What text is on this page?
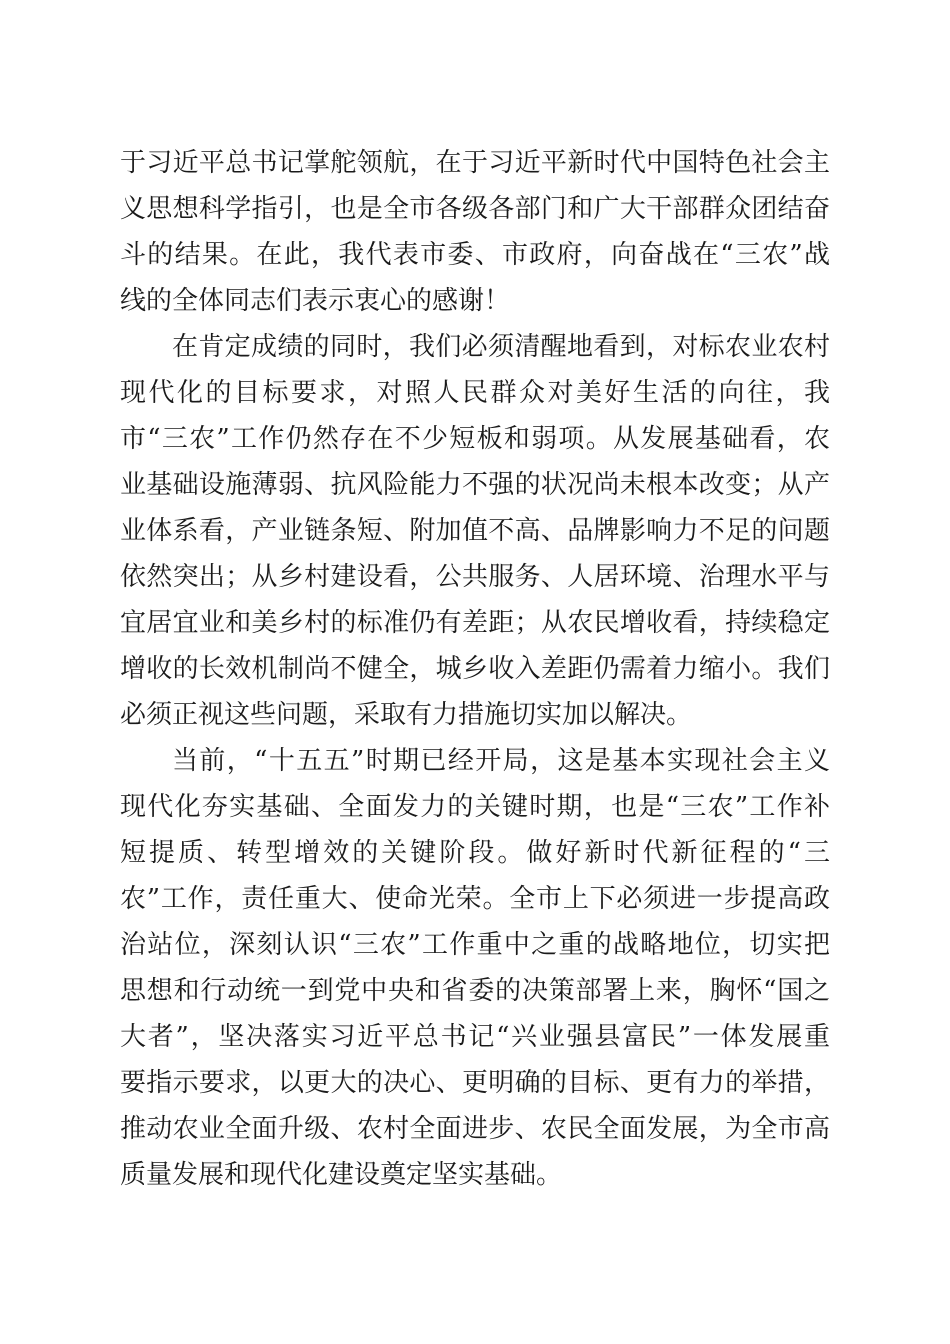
于习近平总书记掌舵领航，在于习近平新时代中国特色社会主
义思想科学指引，也是全市各级各部门和广大干部群众团结奋
斗的结果。在此，我代表市委、市政府，向奋战在“三农”战
线的全体同志们表示衷心的感谢！
在肯定成绩的同时，我们必须清醒地看到，对标农业农村
现代化的目标要求，对照人民群众对美好生活的向往，我
市“三农”工作仍然存在不少短板和弱项。从发展基础看，农
业基础设施薄弱、抗风险能力不强的状况尚未根本改变；从产
业体系看，产业链条短、附加值不高、品牌影响力不足的问题
依然突出；从乡村建设看，公共服务、人居环境、治理水平与
宜居宜业和美乡村的标准仍有差距；从农民增收看，持续稳定
增收的长效机制尚不健全，城乡收入差距仍需着力缩小。我们
必须正视这些问题，采取有力措施切实加以解决。
当前，“十五五”时期已经开局，这是基本实现社会主义
现代化夯实基础、全面发力的关键时期，也是“三农”工作补
短提质、转型增效的关键阶段。做好新时代新征程的“三
农”工作，责任重大、使命光荣。全市上下必须进一步提高政
治站位，深刻认识“三农”工作重中之重的战略地位，切实把
思想和行动统一到党中央和省委的决策部署上来，胸怀“国之
大者”，坚决落实习近平总书记“兴业强县富民”一体发展重
要指示要求，以更大的决心、更明确的目标、更有力的举措，
推动农业全面升级、农村全面进步、农民全面发展，为全市高
质量发展和现代化建设奠定坚实基础。
